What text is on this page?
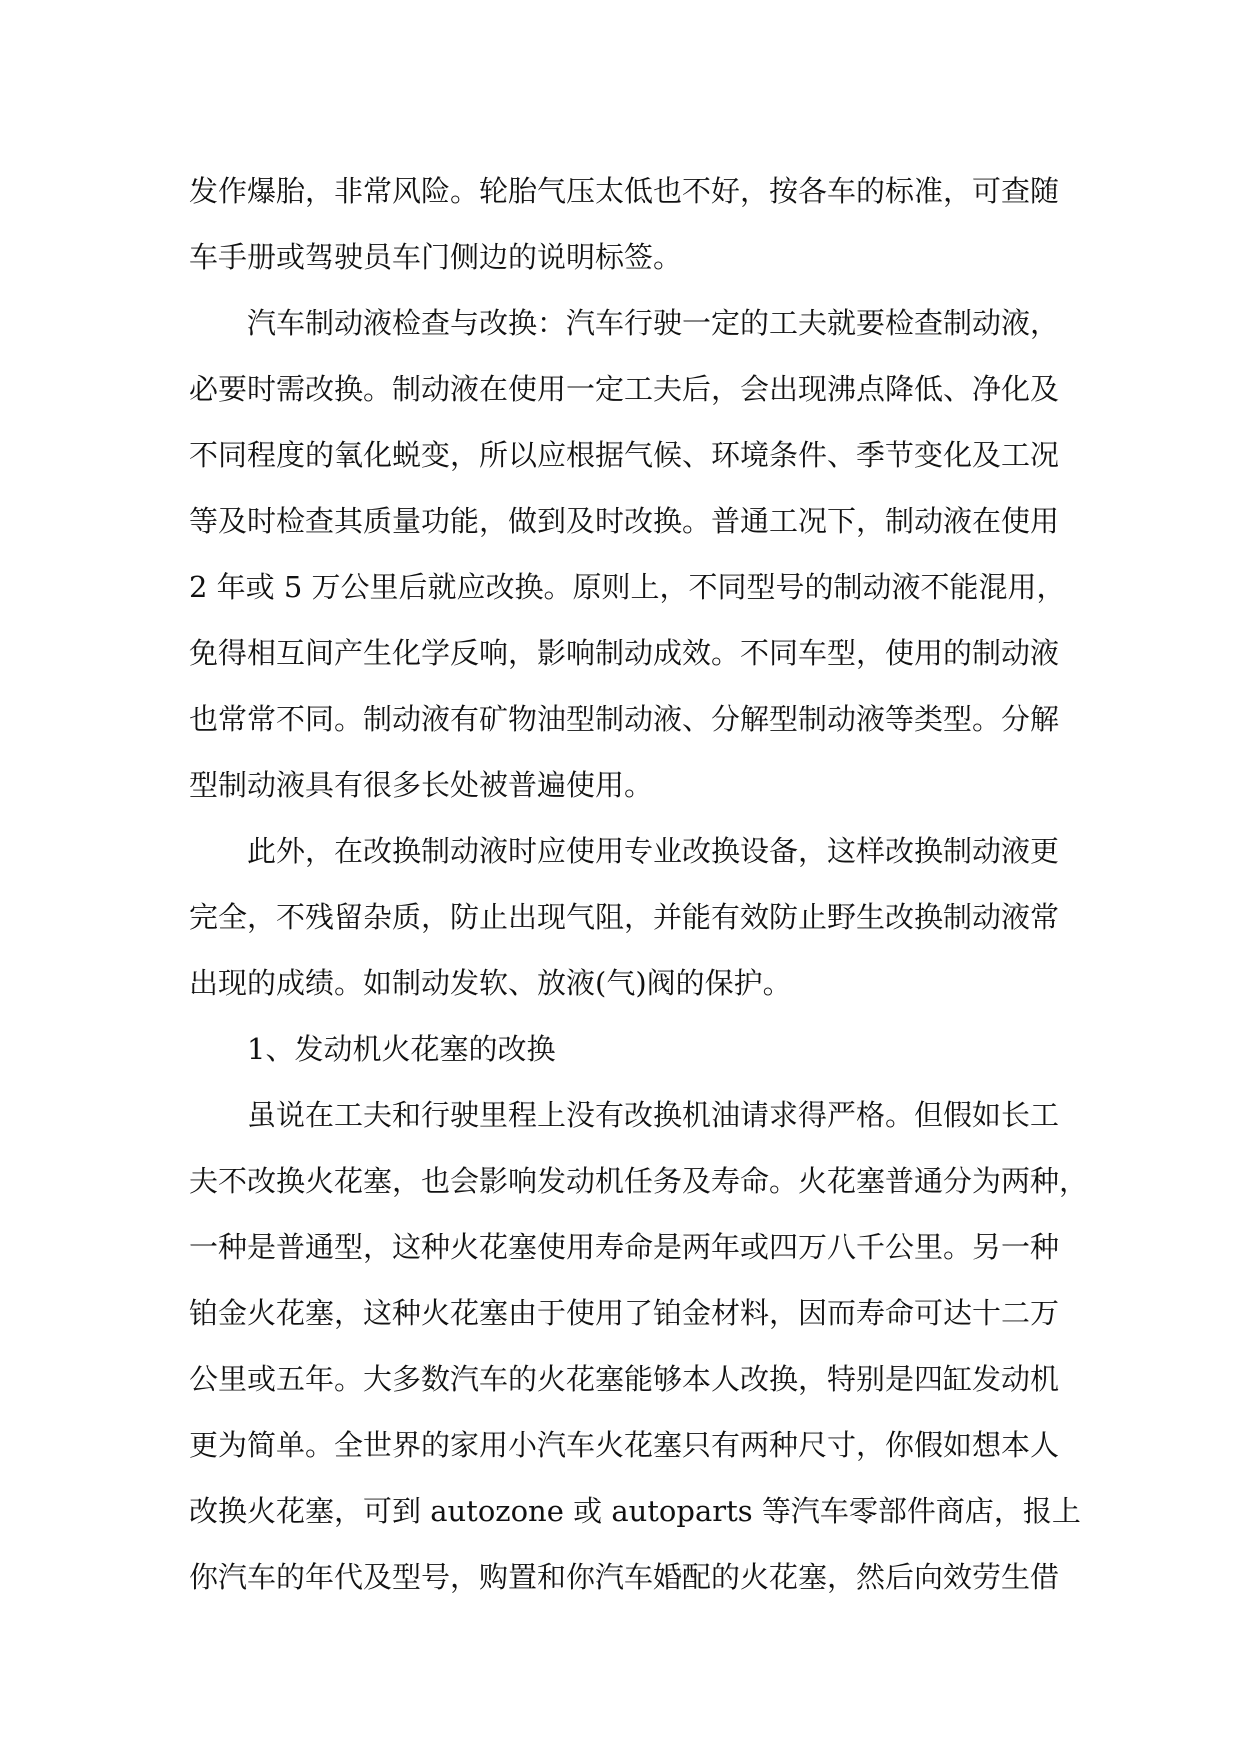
发作爆胎，非常风险。轮胎气压太低也不好，按各车的标准，可查随
车手册或驾驶员车门侧边的说明标签。
汽车制动液检查与改换：汽车行驶一定的工夫就要检查制动液，
必要时需改换。制动液在使用一定工夫后，会出现沸点降低、净化及
不同程度的氧化蜕变，所以应根据气候、环境条件、季节变化及工况
等及时检查其质量功能，做到及时改换。普通工况下，制动液在使用
2 年或 5 万公里后就应改换。原则上，不同型号的制动液不能混用，
免得相互间产生化学反响，影响制动成效。不同车型，使用的制动液
也常常不同。制动液有矿物油型制动液、分解型制动液等类型。分解
型制动液具有很多长处被普遍使用。
此外，在改换制动液时应使用专业改换设备，这样改换制动液更
完全，不残留杂质，防止出现气阻，并能有效防止野生改换制动液常
出现的成绩。如制动发软、放液(气)阀的保护。
1、发动机火花塞的改换
虽说在工夫和行驶里程上没有改换机油请求得严格。但假如长工
夫不改换火花塞，也会影响发动机任务及寿命。火花塞普通分为两种，
一种是普通型，这种火花塞使用寿命是两年或四万八千公里。另一种
铂金火花塞，这种火花塞由于使用了铂金材料，因而寿命可达十二万
公里或五年。大多数汽车的火花塞能够本人改换，特别是四缸发动机
更为简单。全世界的家用小汽车火花塞只有两种尺寸，你假如想本人
改换火花塞，可到 autozone 或 autoparts 等汽车零部件商店，报上
你汽车的年代及型号，购置和你汽车婚配的火花塞，然后向效劳生借
